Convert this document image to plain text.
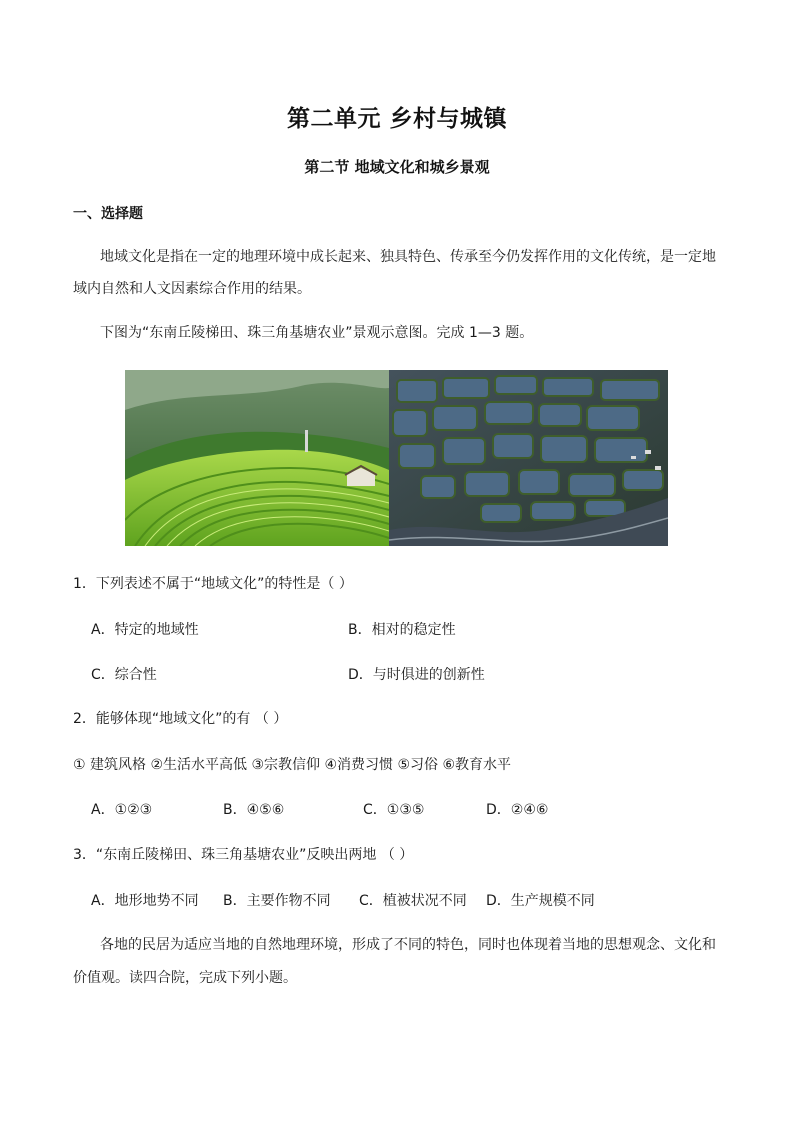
第二单元 乡村与城镇
第二节 地域文化和城乡景观
一、选择题
地域文化是指在一定的地理环境中成长起来、独具特色、传承至今仍发挥作用的文化传统，是一定地
域内自然和人文因素综合作用的结果。
下图为“东南丘陵梯田、珠三角基塘农业”景观示意图。完成 1—3 题。
1．下列表述不属于“地域文化”的特性是（ ）
A．特定的地域性	B．相对的稳定性
C．综合性	D．与时俱进的创新性
2．能够体现“地域文化”的有 （ ）
① 建筑风格 ②生活水平高低 ③宗教信仰 ④消费习惯 ⑤习俗 ⑥教育水平
A．①②③	B．④⑤⑥	C．①③⑤	D．②④⑥
3．“东南丘陵梯田、珠三角基塘农业”反映出两地 （ ）
A．地形地势不同 B．主要作物不同 C．植被状况不同 D．生产规模不同
各地的民居为适应当地的自然地理环境，形成了不同的特色，同时也体现着当地的思想观念、文化和
价值观。读四合院，完成下列小题。
